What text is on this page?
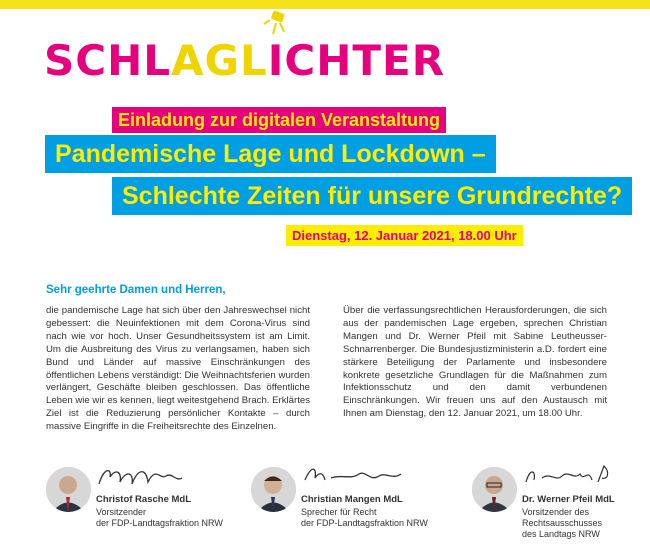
SCHLAGLICHTER
Einladung zur digitalen Veranstaltung
Pandemische Lage und Lockdown –
Schlechte Zeiten für unsere Grundrechte?
Dienstag, 12. Januar 2021, 18.00 Uhr
Sehr geehrte Damen und Herren,
die pandemische Lage hat sich über den Jahreswechsel nicht gebessert: die Neuinfektionen mit dem Corona-Virus sind nach wie vor hoch. Unser Gesundheitssystem ist am Limit. Um die Ausbreitung des Virus zu verlangsamen, haben sich Bund und Länder auf massive Einschränkungen des öffentlichen Lebens verständigt: Die Weihnachtsferien wurden verlängert, Geschäfte bleiben geschlossen. Das öffentliche Leben wie wir es kennen, liegt weitestgehend Brach. Erklärtes Ziel ist die Reduzierung persönlicher Kontakte – durch massive Eingriffe in die Freiheitsrechte des Einzelnen.
Über die verfassungsrechtlichen Herausforderungen, die sich aus der pandemischen Lage ergeben, sprechen Christian Mangen und Dr. Werner Pfeil mit Sabine Leutheusser-Schnarrenberger. Die Bundesjustizministerin a.D. fordert eine stärkere Beteiligung der Parlamente und insbesondere konkrete gesetzliche Grundlagen für die Maßnahmen zum Infektionsschutz und den damit verbundenen Einschränkungen. Wir freuen uns auf den Austausch mit Ihnen am Dienstag, den 12. Januar 2021, um 18.00 Uhr.
Christof Rasche MdL
Vorsitzender
der FDP-Landtagsfraktion NRW
Christian Mangen MdL
Sprecher für Recht
der FDP-Landtagsfraktion NRW
Dr. Werner Pfeil MdL
Vorsitzender des
Rechtsausschusses
des Landtags NRW
